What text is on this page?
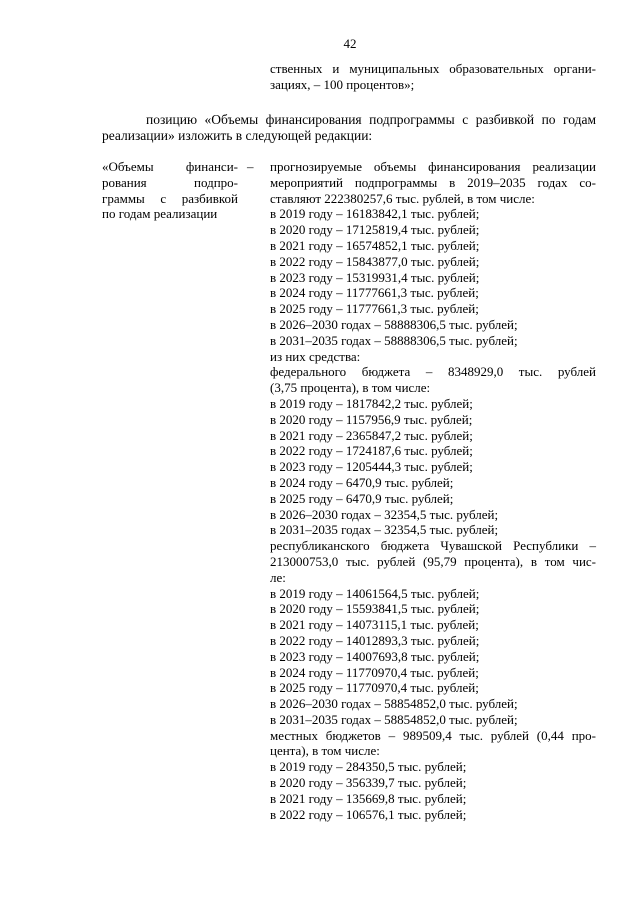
42
ственных и муниципальных образовательных органи-
зациях, – 100 процентов»;
позицию «Объемы финансирования подпрограммы с разбивкой по годам
реализации» изложить в следующей редакции:
«Объемы финанси-
рования подпро-
граммы с разбивкой
по годам реализации
– прогнозируемые объемы финансирования реализации
мероприятий подпрограммы в 2019–2035 годах со-
ставляют 222380257,6 тыс. рублей, в том числе:
в 2019 году – 16183842,1 тыс. рублей;
в 2020 году – 17125819,4 тыс. рублей;
в 2021 году – 16574852,1 тыс. рублей;
в 2022 году – 15843877,0 тыс. рублей;
в 2023 году – 15319931,4 тыс. рублей;
в 2024 году – 11777661,3 тыс. рублей;
в 2025 году – 11777661,3 тыс. рублей;
в 2026–2030 годах – 58888306,5 тыс. рублей;
в 2031–2035 годах – 58888306,5 тыс. рублей;
из них средства:
федерального бюджета – 8348929,0 тыс. рублей
(3,75 процента), в том числе:
в 2019 году – 1817842,2 тыс. рублей;
в 2020 году – 1157956,9 тыс. рублей;
в 2021 году – 2365847,2 тыс. рублей;
в 2022 году – 1724187,6 тыс. рублей;
в 2023 году – 1205444,3 тыс. рублей;
в 2024 году – 6470,9 тыс. рублей;
в 2025 году – 6470,9 тыс. рублей;
в 2026–2030 годах – 32354,5 тыс. рублей;
в 2031–2035 годах – 32354,5 тыс. рублей;
республиканского бюджета Чувашской Республики –
213000753,0 тыс. рублей (95,79 процента), в том чис-
ле:
в 2019 году – 14061564,5 тыс. рублей;
в 2020 году – 15593841,5 тыс. рублей;
в 2021 году – 14073115,1 тыс. рублей;
в 2022 году – 14012893,3 тыс. рублей;
в 2023 году – 14007693,8 тыс. рублей;
в 2024 году – 11770970,4 тыс. рублей;
в 2025 году – 11770970,4 тыс. рублей;
в 2026–2030 годах – 58854852,0 тыс. рублей;
в 2031–2035 годах – 58854852,0 тыс. рублей;
местных бюджетов – 989509,4 тыс. рублей (0,44 про-
цента), в том числе:
в 2019 году – 284350,5 тыс. рублей;
в 2020 году – 356339,7 тыс. рублей;
в 2021 году – 135669,8 тыс. рублей;
в 2022 году – 106576,1 тыс. рублей;
